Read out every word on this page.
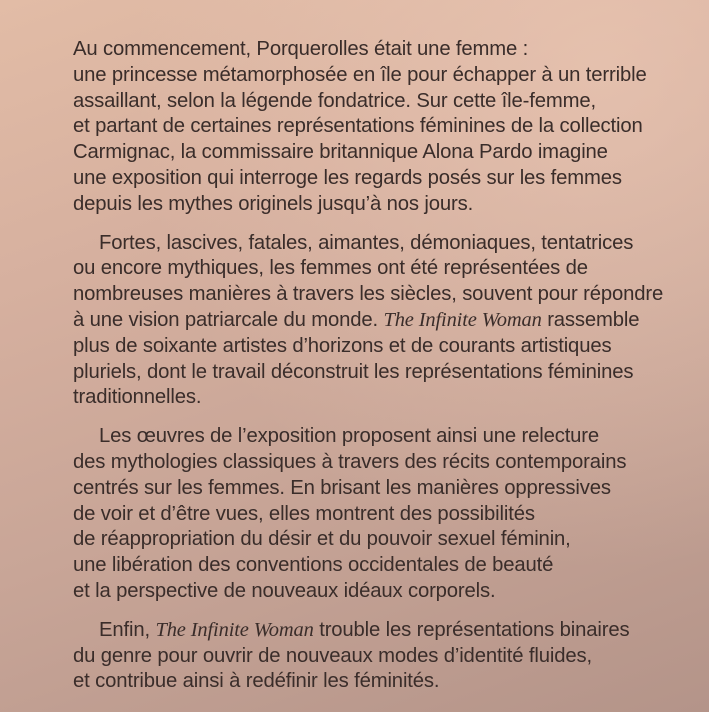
Au commencement, Porquerolles était une femme :
une princesse métamorphosée en île pour échapper à un terrible
assaillant, selon la légende fondatrice. Sur cette île-femme,
et partant de certaines représentations féminines de la collection
Carmignac, la commissaire britannique Alona Pardo imagine
une exposition qui interroge les regards posés sur les femmes
depuis les mythes originels jusqu’à nos jours.

Fortes, lascives, fatales, aimantes, démoniaques, tentatrices
ou encore mythiques, les femmes ont été représentées de
nombreuses manières à travers les siècles, souvent pour répondre
à une vision patriarcale du monde. The Infinite Woman rassemble
plus de soixante artistes d’horizons et de courants artistiques
pluriels, dont le travail déconstruit les représentations féminines
traditionnelles.

Les œuvres de l’exposition proposent ainsi une relecture
des mythologies classiques à travers des récits contemporains
centrés sur les femmes. En brisant les manières oppressives
de voir et d’être vues, elles montrent des possibilités
de réappropriation du désir et du pouvoir sexuel féminin,
une libération des conventions occidentales de beauté
et la perspective de nouveaux idéaux corporels.

Enfin, The Infinite Woman trouble les représentations binaires
du genre pour ouvrir de nouveaux modes d’identité fluides,
et contribue ainsi à redéfinir les féminités.
